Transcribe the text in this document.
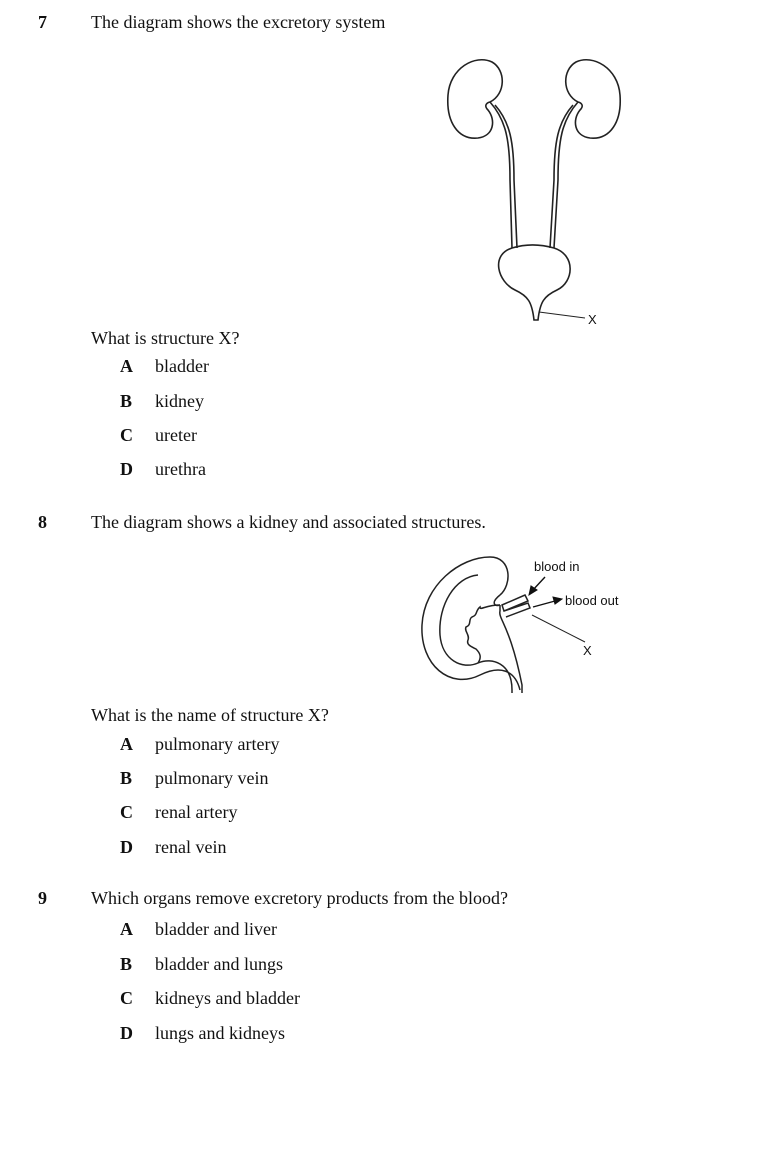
7 The diagram shows the excretory system
X
What is structure X?
A bladder
B kidney
C ureter
D urethra
8 The diagram shows a kidney and associated structures.
blood in
blood out
X
What is the name of structure X?
A pulmonary artery
B pulmonary vein
C renal artery
D renal vein
9 Which organs remove excretory products from the blood?
A bladder and liver
B bladder and lungs
C kidneys and bladder
D lungs and kidneys
